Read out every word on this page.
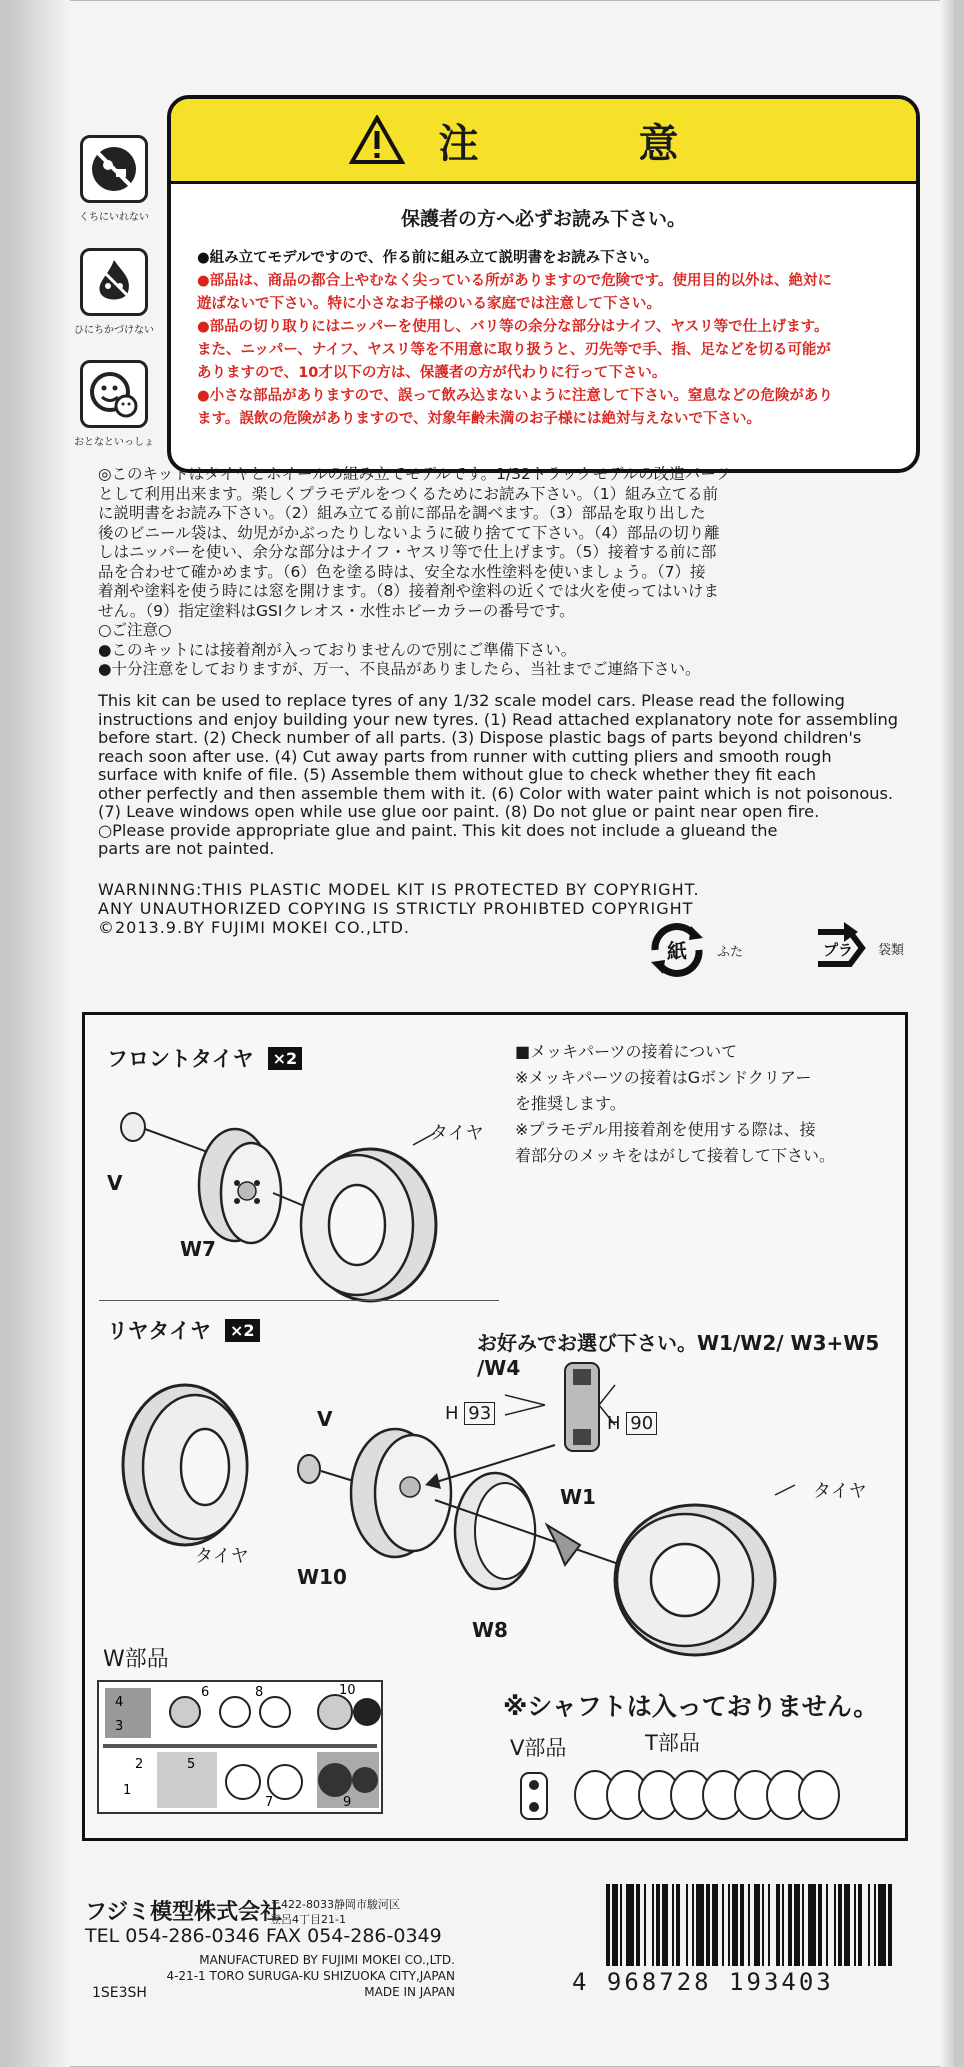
くちにいれない
ひにちかづけない
おとなといっしょ
注　意
保護者の方へ必ずお読み下さい。
●組み立てモデルですので、作る前に組み立て説明書をお読み下さい。
●部品は、商品の都合上やむなく尖っている所がありますので危険です。使用目的以外は、絶対に
遊ばないで下さい。特に小さなお子様のいる家庭では注意して下さい。
●部品の切り取りにはニッパーを使用し、バリ等の余分な部分はナイフ、ヤスリ等で仕上げます。
また、ニッパー、ナイフ、ヤスリ等を不用意に取り扱うと、刃先等で手、指、足などを切る可能が
ありますので、10才以下の方は、保護者の方が代わりに行って下さい。
●小さな部品がありますので、誤って飲み込まないように注意して下さい。窒息などの危険があり
ます。誤飲の危険がありますので、対象年齢未満のお子様には絶対与えないで下さい。
◎このキットはタイヤとホイールの組み立てモデルです。1/32トラックモデルの改造パーツ
として利用出来ます。楽しくプラモデルをつくるためにお読み下さい。（1）組み立てる前
に説明書をお読み下さい。（2）組み立てる前に部品を調べます。（3）部品を取り出した
後のビニール袋は、幼児がかぶったりしないように破り捨てて下さい。（4）部品の切り離
しはニッパーを使い、余分な部分はナイフ・ヤスリ等で仕上げます。（5）接着する前に部
品を合わせて確かめます。（6）色を塗る時は、安全な水性塗料を使いましょう。（7）接
着剤や塗料を使う時には窓を開けます。（8）接着剤や塗料の近くでは火を使ってはいけま
せん。（9）指定塗料はGSIクレオス・水性ホビーカラーの番号です。
○ご注意○
●このキットには接着剤が入っておりませんので別にご準備下さい。
●十分注意をしておりますが、万一、不良品がありましたら、当社までご連絡下さい。
This kit can be used to replace tyres of any 1/32 scale model cars. Please read the following
instructions and enjoy building your new tyres. (1) Read attached explanatory note for assembling
before start. (2) Check number of all parts. (3) Dispose plastic bags of parts beyond children's
reach soon after use. (4) Cut away parts from runner with cutting pliers and smooth rough
surface with knife of file. (5) Assemble them without glue to check whether they fit each
other perfectly and then assemble them with it. (6) Color with water paint which is not poisonous.
(7) Leave windows open while use glue oor paint. (8) Do not glue or paint near open fire.
○Please provide appropriate glue and paint. This kit does not include a glueand the
parts are not painted.
WARNINNG:THIS PLASTIC MODEL KIT IS PROTECTED BY COPYRIGHT.
ANY UNAUTHORIZED COPYING IS STRICTLY PROHIBTED COPYRIGHT
©2013.9.BY FUJIMI MOKEI CO.,LTD.
紙 ふた	プラ 袋類
フロントタイヤ	×2
タイヤ
V
W7
■メッキパーツの接着について
※メッキパーツの接着はGボンドクリアー
を推奨します。
※プラモデル用接着剤を使用する際は、接
着部分のメッキをはがして接着して下さい。
リヤタイヤ	×2
お好みでお選び下さい。W1/W2/ W3+W5 /W4
H 93	H 90
V
W1
タイヤ
タイヤ
W10
W8
W部品
4
3
6	8	10
2	5
1
7	9
※シャフトは入っておりません。
V部品	T部品
フジミ模型株式会社
〒422-8033静岡市駿河区
登呂4丁目21-1
TEL 054-286-0346 FAX 054-286-0349
MANUFACTURED BY FUJIMI MOKEI CO.,LTD.
4-21-1 TORO SURUGA-KU SHIZUOKA CITY,JAPAN
MADE IN JAPAN
1SE3SH	4 968728 193403
